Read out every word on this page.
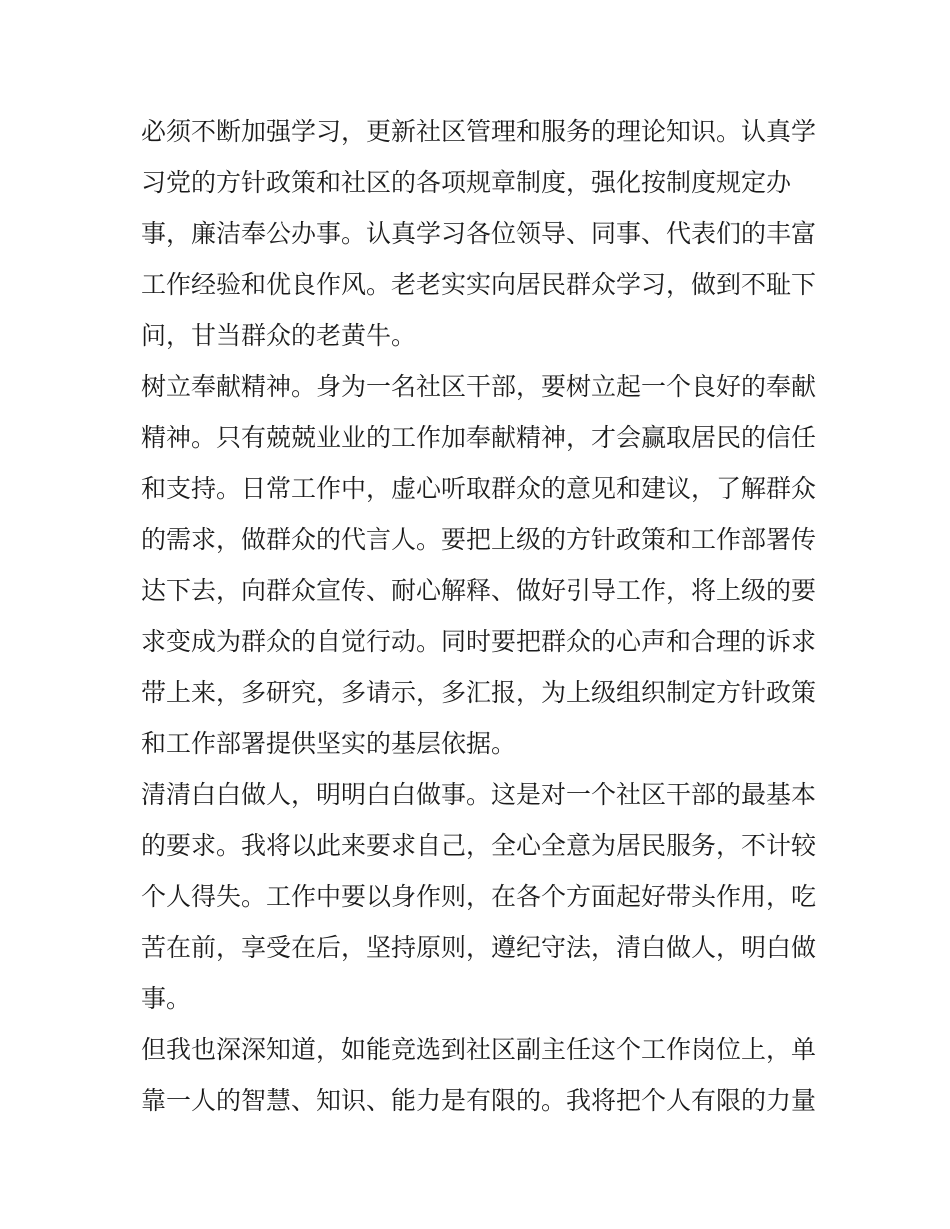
必须不断加强学习，更新社区管理和服务的理论知识。认真学
习党的方针政策和社区的各项规章制度，强化按制度规定办
事，廉洁奉公办事。认真学习各位领导、同事、代表们的丰富
工作经验和优良作风。老老实实向居民群众学习，做到不耻下
问，甘当群众的老黄牛。
树立奉献精神。身为一名社区干部，要树立起一个良好的奉献
精神。只有兢兢业业的工作加奉献精神，才会赢取居民的信任
和支持。日常工作中，虚心听取群众的意见和建议，了解群众
的需求，做群众的代言人。要把上级的方针政策和工作部署传
达下去，向群众宣传、耐心解释、做好引导工作，将上级的要
求变成为群众的自觉行动。同时要把群众的心声和合理的诉求
带上来，多研究，多请示，多汇报，为上级组织制定方针政策
和工作部署提供坚实的基层依据。
清清白白做人，明明白白做事。这是对一个社区干部的最基本
的要求。我将以此来要求自己，全心全意为居民服务，不计较
个人得失。工作中要以身作则，在各个方面起好带头作用，吃
苦在前，享受在后，坚持原则，遵纪守法，清白做人，明白做
事。
但我也深深知道，如能竞选到社区副主任这个工作岗位上，单
靠一人的智慧、知识、能力是有限的。我将把个人有限的力量
